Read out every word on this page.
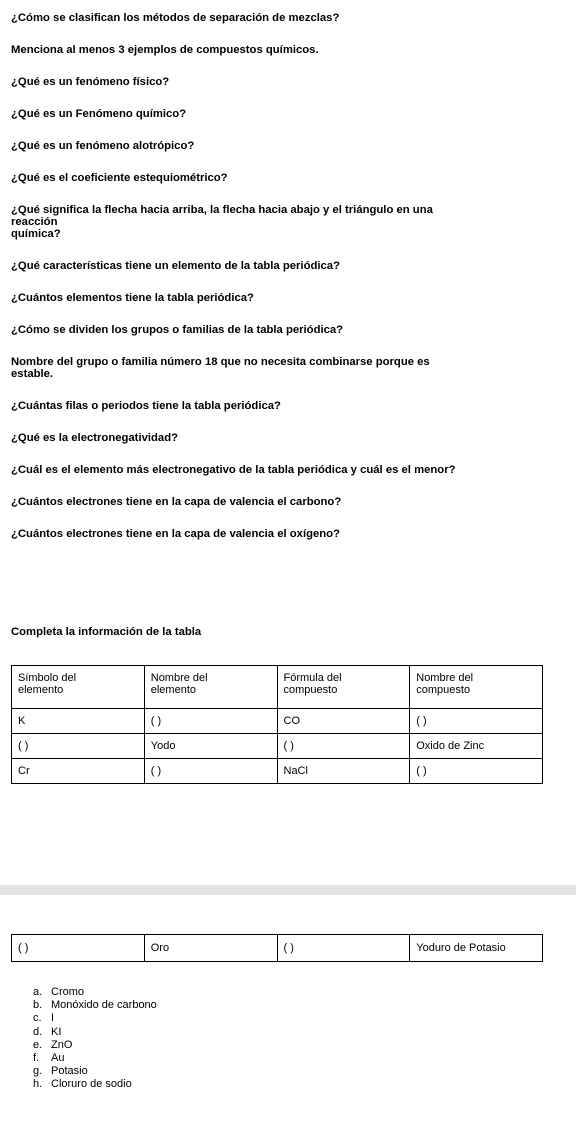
¿Cómo se clasifican los métodos de separación de mezclas?
Menciona al menos 3 ejemplos de compuestos químicos.
¿Qué es un fenómeno físico?
¿Qué es un Fenómeno químico?
¿Qué es un fenómeno alotrópico?
¿Qué es el coeficiente estequiométrico?
¿Qué significa la flecha hacia arriba, la flecha hacia abajo y el triángulo en una
reacción
química?
¿Qué características tiene un elemento de la tabla periódica?
¿Cuántos elementos tiene la tabla periódica?
¿Cómo se dividen los grupos o familias de la tabla periódica?
Nombre del grupo o familia número 18 que no necesita combinarse porque es
estable.
¿Cuántas filas o periodos tiene la tabla periódica?
¿Qué es la electronegatividad?
¿Cuál es el elemento más electronegativo de la tabla periódica y cuál es el menor?
¿Cuántos electrones tiene en la capa de valencia el carbono?
¿Cuántos electrones tiene en la capa de valencia el oxígeno?

Completa la información de la tabla

Símbolo del
elemento	Nombre del
elemento	Fórmula del
compuesto	Nombre del
compuesto
K	( )	CO	( )
( )	Yodo	( )	Oxido de Zinc
Cr	( )	NaCl	( )
( )	Oro	( )	Yoduro de Potasio
a. Cromo
b. Monóxido de carbono
c. I
d. KI
e. ZnO
f. Au
g. Potasio
h. Cloruro de sodio
